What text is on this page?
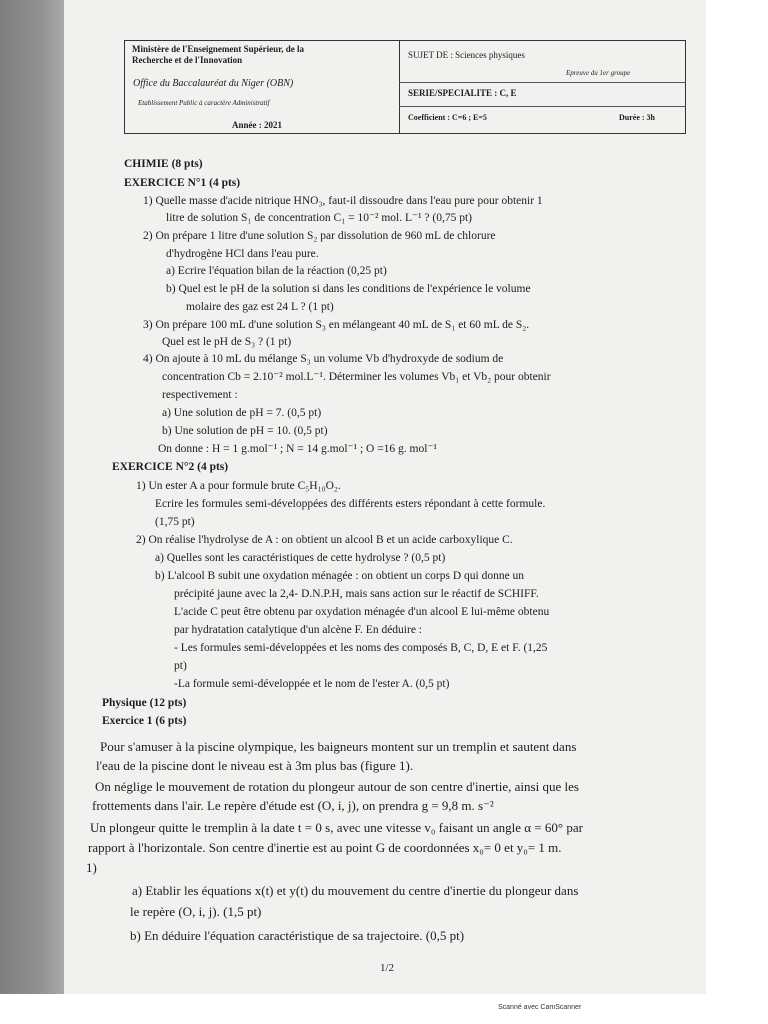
Ministère de l'Enseignement Supérieur, de la
Recherche et de l'Innovation
Office du Baccalauréat du Niger (OBN)
Etablissement Public à caractère Administratif
Année : 2021
SUJET DE : Sciences physiques
Epreuve du 1er groupe
SERIE/SPECIALITE : C, E
Coefficient : C=6 ; E=5	Durée : 3h
CHIMIE (8 pts)
EXERCICE N°1 (4 pts)
1) Quelle masse d'acide nitrique HNO₃, faut-il dissoudre dans l'eau pure pour obtenir 1
litre de solution S₁ de concentration C₁ = 10⁻² mol. L⁻¹ ? (0,75 pt)
2) On prépare 1 litre d'une solution S₂ par dissolution de 960 mL de chlorure
d'hydrogène HCl dans l'eau pure.
a) Ecrire l'équation bilan de la réaction (0,25 pt)
b) Quel est le pH de la solution si dans les conditions de l'expérience le volume
molaire des gaz est 24 L ? (1 pt)
3) On prépare 100 mL d'une solution S₃ en mélangeant 40 mL de S₁ et 60 mL de S₂.
Quel est le pH de S₃ ? (1 pt)
4) On ajoute à 10 mL du mélange S₃ un volume Vb d'hydroxyde de sodium de
concentration Cb = 2.10⁻² mol.L⁻¹. Déterminer les volumes Vb₁ et Vb₂ pour obtenir
respectivement :
a) Une solution de pH = 7. (0,5 pt)
b) Une solution de pH = 10. (0,5 pt)
On donne : H = 1 g.mol⁻¹ ; N = 14 g.mol⁻¹ ; O =16 g. mol⁻¹
EXERCICE N°2 (4 pts)
1) Un ester A a pour formule brute C₅H₁₀O₂.
Ecrire les formules semi-développées des différents esters répondant à cette formule.
(1,75 pt)
2) On réalise l'hydrolyse de A : on obtient un alcool B et un acide carboxylique C.
a) Quelles sont les caractéristiques de cette hydrolyse ? (0,5 pt)
b) L'alcool B subit une oxydation ménagée : on obtient un corps D qui donne un
précipité jaune avec la 2,4- D.N.P.H, mais sans action sur le réactif de SCHIFF.
L'acide C peut être obtenu par oxydation ménagée d'un alcool E lui-même obtenu
par hydratation catalytique d'un alcène F. En déduire :
- Les formules semi-développées et les noms des composés B, C, D, E et F. (1,25
pt)
-La formule semi-développée et le nom de l'ester A. (0,5 pt)
Physique (12 pts)
Exercice 1 (6 pts)
Pour s'amuser à la piscine olympique, les baigneurs montent sur un tremplin et sautent dans
l'eau de la piscine dont le niveau est à 3m plus bas (figure 1).
On néglige le mouvement de rotation du plongeur autour de son centre d'inertie, ainsi que les
frottements dans l'air. Le repère d'étude est (O, i, j), on prendra g = 9,8 m. s⁻²
Un plongeur quitte le tremplin à la date t = 0 s, avec une vitesse v₀ faisant un angle α = 60° par
rapport à l'horizontale. Son centre d'inertie est au point G de coordonnées x₀= 0 et y₀= 1 m.
1)
a) Etablir les équations x(t) et y(t) du mouvement du centre d'inertie du plongeur dans
le repère (O, i, j). (1,5 pt)
b) En déduire l'équation caractéristique de sa trajectoire. (0,5 pt)
1/2
Scanné avec CamScanner
